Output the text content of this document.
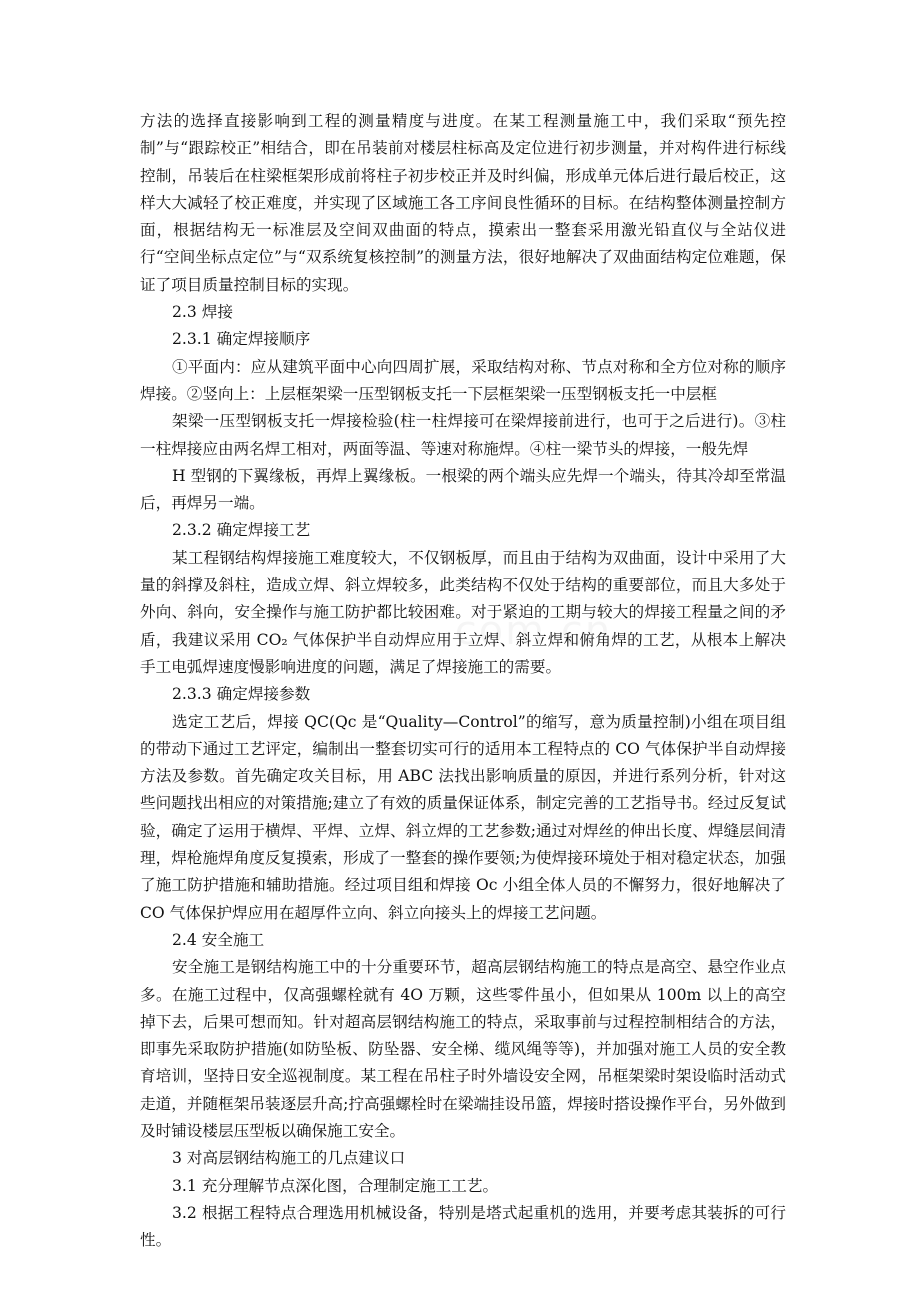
方法的选择直接影响到工程的测量精度与进度。在某工程测量施工中，我们采取“预先控制”与“跟踪校正”相结合，即在吊装前对楼层柱标高及定位进行初步测量，并对构件进行标线控制，吊装后在柱梁框架形成前将柱子初步校正并及时纠偏，形成单元体后进行最后校正，这样大大减轻了校正难度，并实现了区域施工各工序间良性循环的目标。在结构整体测量控制方面，根据结构无一标准层及空间双曲面的特点，摸索出一整套采用激光铅直仪与全站仪进行“空间坐标点定位”与“双系统复核控制”的测量方法，很好地解决了双曲面结构定位难题，保证了项目质量控制目标的实现。

2.3 焊接

2.3.1 确定焊接顺序

①平面内：应从建筑平面中心向四周扩展，采取结构对称、节点对称和全方位对称的顺序焊接。②竖向上：上层框架梁一压型钢板支托一下层框架梁一压型钢板支托一中层框

架梁一压型钢板支托一焊接检验(柱一柱焊接可在梁焊接前进行，也可于之后进行)。③柱一柱焊接应由两名焊工相对，两面等温、等速对称施焊。④柱一梁节头的焊接，一般先焊

H 型钢的下翼缘板，再焊上翼缘板。一根梁的两个端头应先焊一个端头，待其冷却至常温后，再焊另一端。

2.3.2 确定焊接工艺

某工程钢结构焊接施工难度较大，不仅钢板厚，而且由于结构为双曲面，设计中采用了大量的斜撑及斜柱，造成立焊、斜立焊较多，此类结构不仅处于结构的重要部位，而且大多处于外向、斜向，安全操作与施工防护都比较困难。对于紧迫的工期与较大的焊接工程量之间的矛盾，我建议采用 CO₂ 气体保护半自动焊应用于立焊、斜立焊和俯角焊的工艺，从根本上解决手工电弧焊速度慢影响进度的问题，满足了焊接施工的需要。

2.3.3 确定焊接参数

选定工艺后，焊接 QC(Qc 是“Quality—Control”的缩写，意为质量控制)小组在项目组的带动下通过工艺评定，编制出一整套切实可行的适用本工程特点的 CO 气体保护半自动焊接方法及参数。首先确定攻关目标，用 ABC 法找出影响质量的原因，并进行系列分析，针对这些问题找出相应的对策措施;建立了有效的质量保证体系，制定完善的工艺指导书。经过反复试验，确定了运用于横焊、平焊、立焊、斜立焊的工艺参数;通过对焊丝的伸出长度、焊缝层间清理，焊枪施焊角度反复摸索，形成了一整套的操作要领;为使焊接环境处于相对稳定状态，加强了施工防护措施和辅助措施。经过项目组和焊接 Oc 小组全体人员的不懈努力，很好地解决了 CO 气体保护焊应用在超厚件立向、斜立向接头上的焊接工艺问题。

2.4 安全施工

安全施工是钢结构施工中的十分重要环节，超高层钢结构施工的特点是高空、悬空作业点多。在施工过程中，仅高强螺栓就有 4O 万颗，这些零件虽小，但如果从 100m 以上的高空掉下去，后果可想而知。针对超高层钢结构施工的特点，采取事前与过程控制相结合的方法，即事先采取防护措施(如防坠板、防坠器、安全梯、缆风绳等等)，并加强对施工人员的安全教育培训，坚持日安全巡视制度。某工程在吊柱子时外墙设安全网，吊框架梁时架设临时活动式走道，并随框架吊装逐层升高;拧高强螺栓时在梁端挂设吊篮，焊接时搭设操作平台，另外做到及时铺设楼层压型板以确保施工安全。

3 对高层钢结构施工的几点建议口

3.1 充分理解节点深化图，合理制定施工工艺。

3.2 根据工程特点合理选用机械设备，特别是塔式起重机的选用，并要考虑其装拆的可行性。
